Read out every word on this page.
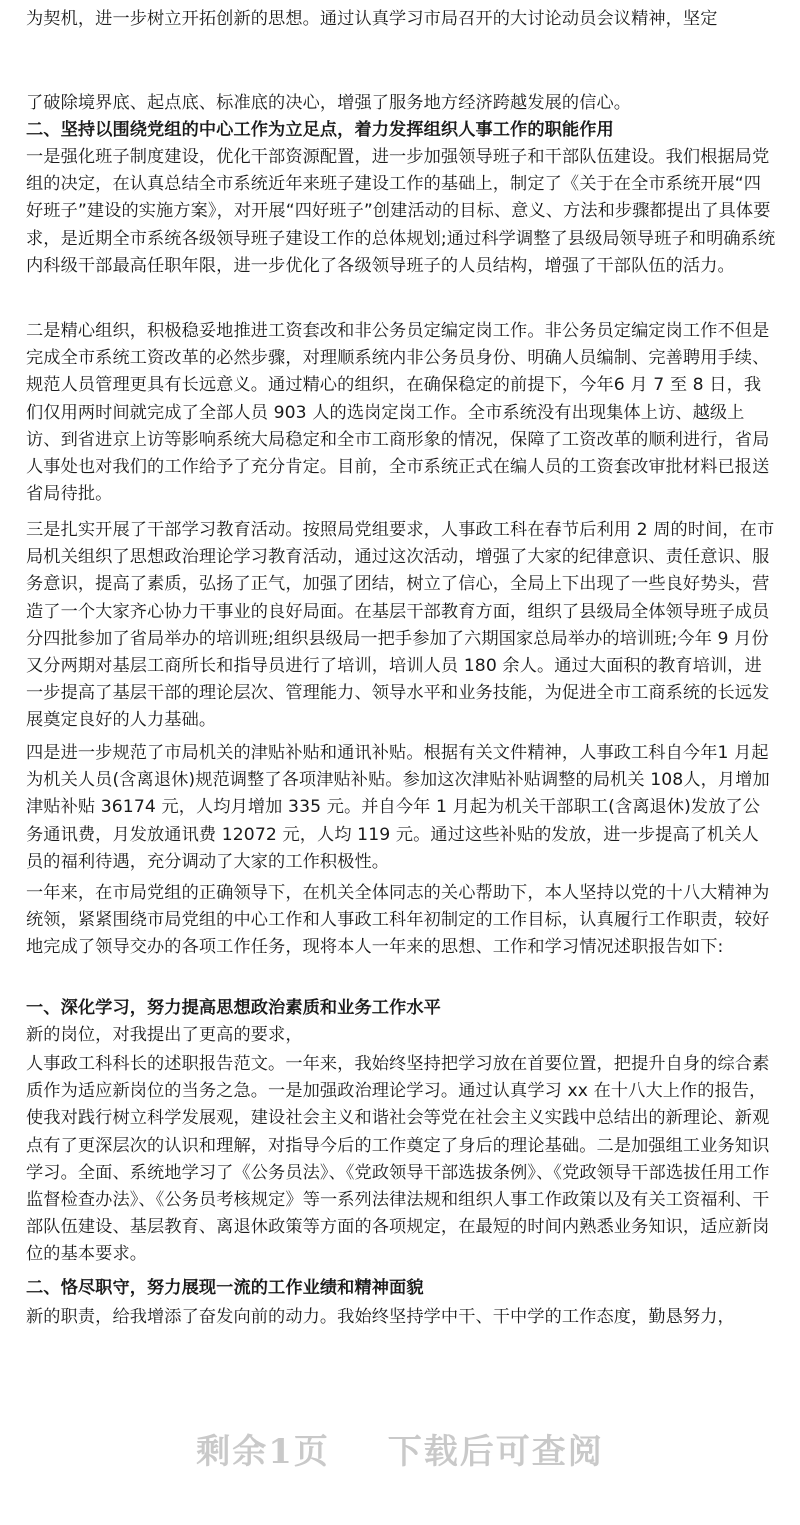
为契机，进一步树立开拓创新的思想。通过认真学习市局召开的大讨论动员会议精神，坚定

了破除境界底、起点底、标准底的决心，增强了服务地方经济跨越发展的信心。

二、坚持以围绕党组的中心工作为立足点，着力发挥组织人事工作的职能作用

一是强化班子制度建设，优化干部资源配置，进一步加强领导班子和干部队伍建设。我们根据局党组的决定，在认真总结全市系统近年来班子建设工作的基础上，制定了《关于在全市系统开展“四好班子”建设的实施方案》，对开展“四好班子”创建活动的目标、意义、方法和步骤都提出了具体要求，是近期全市系统各级领导班子建设工作的总体规划;通过科学调整了县级局领导班子和明确系统内科级干部最高任职年限，进一步优化了各级领导班子的人员结构，增强了干部队伍的活力。

二是精心组织，积极稳妥地推进工资套改和非公务员定编定岗工作。非公务员定编定岗工作不但是完成全市系统工资改革的必然步骤，对理顺系统内非公务员身份、明确人员编制、完善聘用手续、规范人员管理更具有长远意义。通过精心的组织，在确保稳定的前提下，今年6 月 7 至 8 日，我们仅用两时间就完成了全部人员 903 人的选岗定岗工作。全市系统没有出现集体上访、越级上访、到省进京上访等影响系统大局稳定和全市工商形象的情况，保障了工资改革的顺利进行，省局人事处也对我们的工作给予了充分肯定。目前，全市系统正式在编人员的工资套改审批材料已报送省局待批。

三是扎实开展了干部学习教育活动。按照局党组要求，人事政工科在春节后利用 2 周的时间，在市局机关组织了思想政治理论学习教育活动，通过这次活动，增强了大家的纪律意识、责任意识、服务意识，提高了素质，弘扬了正气，加强了团结，树立了信心，全局上下出现了一些良好势头，营造了一个大家齐心协力干事业的良好局面。在基层干部教育方面，组织了县级局全体领导班子成员分四批参加了省局举办的培训班;组织县级局一把手参加了六期国家总局举办的培训班;今年 9 月份又分两期对基层工商所长和指导员进行了培训，培训人员 180 余人。通过大面积的教育培训，进一步提高了基层干部的理论层次、管理能力、领导水平和业务技能，为促进全市工商系统的长远发展奠定良好的人力基础。

四是进一步规范了市局机关的津贴补贴和通讯补贴。根据有关文件精神，人事政工科自今年1 月起为机关人员(含离退休)规范调整了各项津贴补贴。参加这次津贴补贴调整的局机关 108人，月增加津贴补贴 36174 元，人均月增加 335 元。并自今年 1 月起为机关干部职工(含离退休)发放了公务通讯费，月发放通讯费 12072 元，人均 119 元。通过这些补贴的发放，进一步提高了机关人员的福利待遇，充分调动了大家的工作积极性。

一年来，在市局党组的正确领导下，在机关全体同志的关心帮助下，本人坚持以党的十八大精神为统领，紧紧围绕市局党组的中心工作和人事政工科年初制定的工作目标，认真履行工作职责，较好地完成了领导交办的各项工作任务，现将本人一年来的思想、工作和学习情况述职报告如下:

一、深化学习，努力提高思想政治素质和业务工作水平

新的岗位，对我提出了更高的要求，

人事政工科科长的述职报告范文。一年来，我始终坚持把学习放在首要位置，把提升自身的综合素质作为适应新岗位的当务之急。一是加强政治理论学习。通过认真学习 xx 在十八大上作的报告，使我对践行树立科学发展观，建设社会主义和谐社会等党在社会主义实践中总结出的新理论、新观点有了更深层次的认识和理解，对指导今后的工作奠定了身后的理论基础。二是加强组工业务知识学习。全面、系统地学习了《公务员法》、《党政领导干部选拔条例》、《党政领导干部选拔任用工作监督检查办法》、《公务员考核规定》等一系列法律法规和组织人事工作政策以及有关工资福利、干部队伍建设、基层教育、离退休政策等方面的各项规定，在最短的时间内熟悉业务知识，适应新岗位的基本要求。

二、恪尽职守，努力展现一流的工作业绩和精神面貌

新的职责，给我增添了奋发向前的动力。我始终坚持学中干、干中学的工作态度，勤恳努力，

剩余1页 下载后可查阅
